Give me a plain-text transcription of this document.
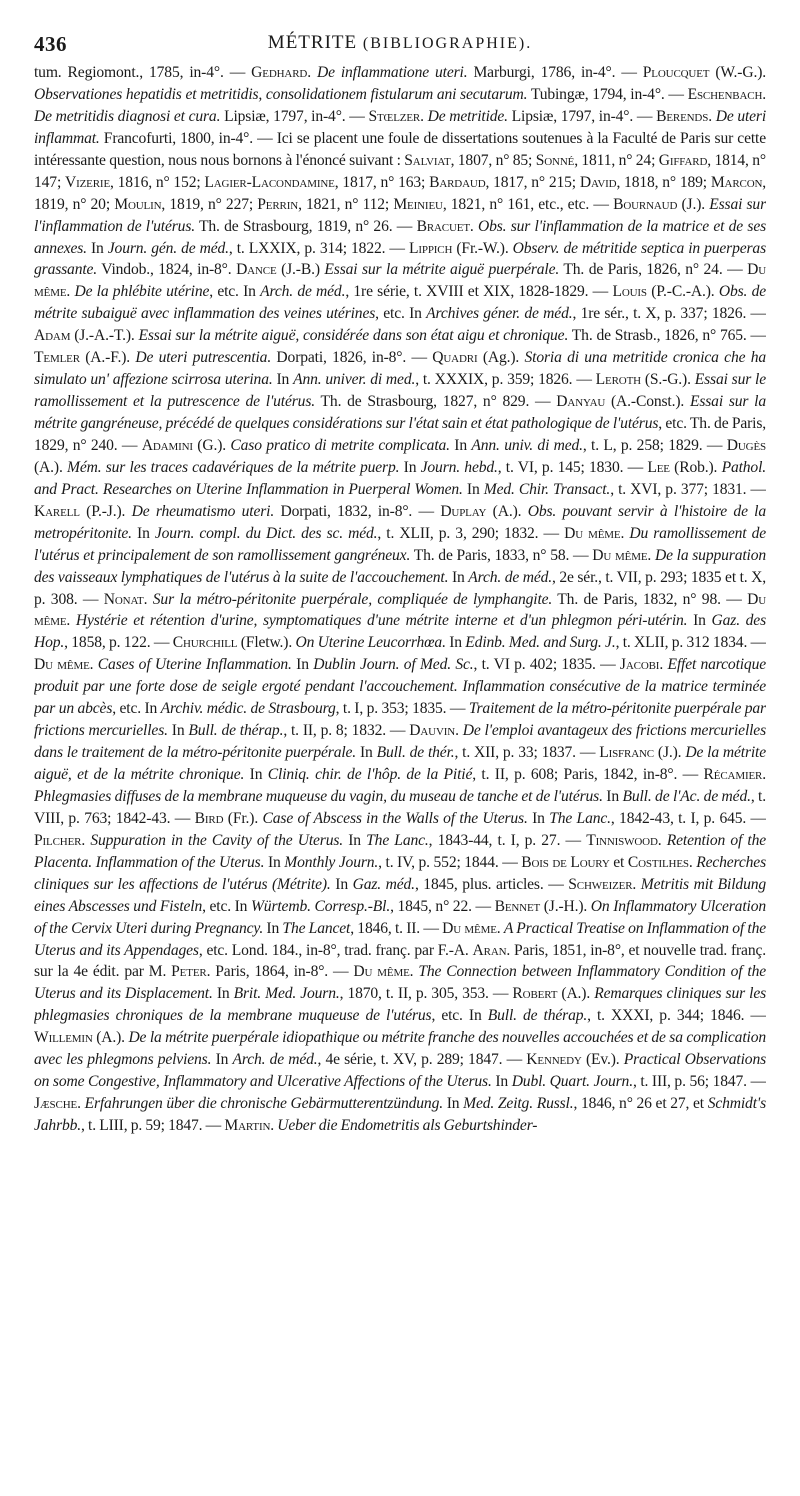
436	MÉTRITE (BIBLIOGRAPHIE).

tum. Regiomont., 1785, in-4°. — Gedhard. De inflammatione uteri. Marburgi, 1786, in-4°. — Ploucquet (W.-G.). Observationes hepatidis et metritidis, consolidationem fistularum ani secutarum. Tubingæ, 1794, in-4°. — Eschenbach. De metritidis diagnosi et cura. Lipsiæ, 1797, in-4°. — Stœlzer. De metritide. Lipsiæ, 1797, in-4°. — Berends. De uteri inflammat. Francofurti, 1800, in-4°. — Ici se placent une foule de dissertations soutenues à la Faculté de Paris sur cette intéressante question, nous nous bornons à l'énoncé suivant : Salviat, 1807, n° 85; Sonné, 1811, n° 24; Giffard, 1814, n° 147; Vizerie, 1816, n° 152; Lagier-Lacondamine, 1817, n° 163; Bardaud, 1817, n° 215; David, 1818, n° 189; Marcon, 1819, n° 20; Moulin, 1819, n° 227; Perrin, 1821, n° 112; Meinieu, 1821, n° 161, etc., etc. — Bournaud (J.). Essai sur l'inflammation de l'utérus. Th. de Strasbourg, 1819, n° 26. — Bracuet. Obs. sur l'inflammation de la matrice et de ses annexes. In Journ. gén. de méd., t. LXXIX, p. 314; 1822. — Lippich (Fr.-W.). Observ. de métritide septica in puerperas grassante. Vindob., 1824, in-8°. Dance (J.-B.) Essai sur la métrite aiguë puerpérale. Th. de Paris, 1826, n° 24. — Du même. De la phlébite utérine, etc. In Arch. de méd., 1re série, t. XVIII et XIX, 1828-1829. — Louis (P.-C.-A.). Obs. de métrite subaiguë avec inflammation des veines utérines, etc. In Archives géner. de méd., 1re sér., t. X, p. 337; 1826. — Adam (J.-A.-T.). Essai sur la métrite aiguë, considérée dans son état aigu et chronique. Th. de Strasb., 1826, n° 765. — Temler (A.-F.). De uteri putrescentia. Dorpati, 1826, in-8°. — Quadri (Ag.). Storia di una metritide cronica che ha simulato un' affezione scirrosa uterina. In Ann. univer. di med., t. XXXIX, p. 359; 1826. — Leroth (S.-G.). Essai sur le ramollissement et la putrescence de l'utérus. Th. de Strasbourg, 1827, n° 829. — Danyau (A.-Const.). Essai sur la métrite gangréneuse, précédé de quelques considérations sur l'état sain et état pathologique de l'utérus, etc. Th. de Paris, 1829, n° 240. — Adamini (G.). Caso pratico di metrite complicata. In Ann. univ. di med., t. L, p. 258; 1829. — Dugès (A.). Mém. sur les traces cadavériques de la métrite puerp. In Journ. hebd., t. VI, p. 145; 1830. — Lee (Rob.). Pathol. and Pract. Researches on Uterine Inflammation in Puerperal Women. In Med. Chir. Transact., t. XVI, p. 377; 1831. — Karell (P.-J.). De rheumatismo uteri. Dorpati, 1832, in-8°. — Duplay (A.). Obs. pouvant servir à l'histoire de la metropéritonite. In Journ. compl. du Dict. des sc. méd., t. XLII, p. 3, 290; 1832. — Du même. Du ramollissement de l'utérus et principalement de son ramollissement gangréneux. Th. de Paris, 1833, n° 58. — Du même. De la suppuration des vaisseaux lymphatiques de l'utérus à la suite de l'accouchement. In Arch. de méd., 2e sér., t. VII, p. 293; 1835 et t. X, p. 308. — Nonat. Sur la métro-péritonite puerpérale, compliquée de lymphangite. Th. de Paris, 1832, n° 98. — Du même. Hystérie et rétention d'urine, symptomatiques d'une métrite interne et d'un phlegmon péri-utérin. In Gaz. des Hop., 1858, p. 122. — Churchill (Fletw.). On Uterine Leucorrhœa. In Edinb. Med. and Surg. J., t. XLII, p. 312 1834. — Du même. Cases of Uterine Inflammation. In Dublin Journ. of Med. Sc., t. VI p. 402; 1835. — Jacobi. Effet narcotique produit par une forte dose de seigle ergoté pendant l'accouchement. Inflammation consécutive de la matrice terminée par un abcès, etc. In Archiv. médic. de Strasbourg, t. I, p. 353; 1835. — Traitement de la métro-péritonite puerpérale par frictions mercurielles. In Bull. de thérap., t. II, p. 8; 1832. — Dauvin. De l'emploi avantageux des frictions mercurielles dans le traitement de la métro-péritonite puerpérale. In Bull. de thér., t. XII, p. 33; 1837. — Lisfranc (J.). De la métrite aiguë, et de la métrite chronique. In Cliniq. chir. de l'hôp. de la Pitié, t. II, p. 608; Paris, 1842, in-8°. — Récamier. Phlegmasies diffuses de la membrane muqueuse du vagin, du museau de tanche et de l'utérus. In Bull. de l'Ac. de méd., t. VIII, p. 763; 1842-43. — Bird (Fr.). Case of Abscess in the Walls of the Uterus. In The Lanc., 1842-43, t. I, p. 645. — Pilcher. Suppuration in the Cavity of the Uterus. In The Lanc., 1843-44, t. I, p. 27. — Tinniswood. Retention of the Placenta. Inflammation of the Uterus. In Monthly Journ., t. IV, p. 552; 1844. — Bois de Loury et Costilhes. Recherches cliniques sur les affections de l'utérus (Métrite). In Gaz. méd., 1845, plus. articles. — Schweizer. Metritis mit Bildung eines Abscesses und Fisteln, etc. In Würtemb. Corresp.-Bl., 1845, n° 22. — Bennet (J.-H.). On Inflammatory Ulceration of the Cervix Uteri during Pregnancy. In The Lancet, 1846, t. II. — Du même. A Practical Treatise on Inflammation of the Uterus and its Appendages, etc. Lond. 184., in-8°, trad. franç. par F.-A. Aran. Paris, 1851, in-8°, et nouvelle trad. franç. sur la 4e édit. par M. Peter. Paris, 1864, in-8°. — Du même. The Connection between Inflammatory Condition of the Uterus and its Displacement. In Brit. Med. Journ., 1870, t. II, p. 305, 353. — Robert (A.). Remarques cliniques sur les phlegmasies chroniques de la membrane muqueuse de l'utérus, etc. In Bull. de thérap., t. XXXI, p. 344; 1846. — Willemin (A.). De la métrite puerpérale idiopathique ou métrite franche des nouvelles accouchées et de sa complication avec les phlegmons pelviens. In Arch. de méd., 4e série, t. XV, p. 289; 1847. — Kennedy (Ev.). Practical Observations on some Congestive, Inflammatory and Ulcerative Affections of the Uterus. In Dubl. Quart. Journ., t. III, p. 56; 1847. — Jæsche. Erfahrungen über die chronische Gebärmutterentzündung. In Med. Zeitg. Russl., 1846, n° 26 et 27, et Schmidt's Jahrbb., t. LIII, p. 59; 1847. — Martin. Ueber die Endometritis als Geburtshinder-
